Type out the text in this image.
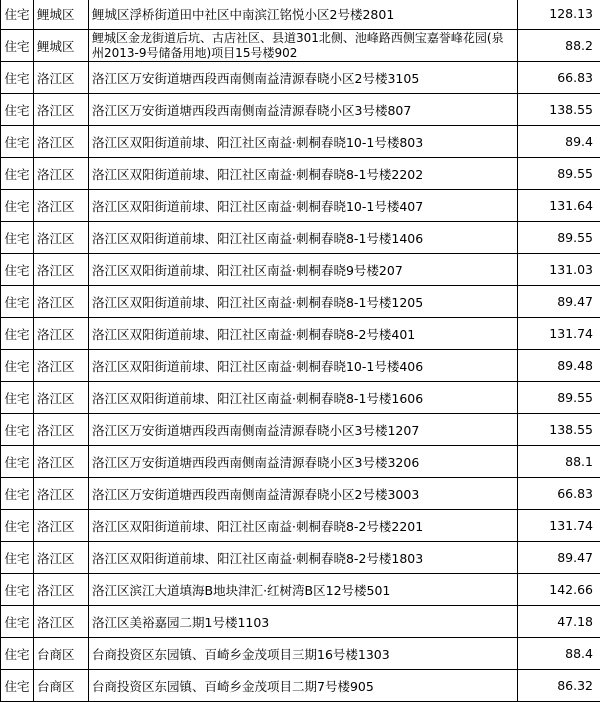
住宅	鲤城区	鲤城区浮桥街道田中社区中南滨江铭悦小区2号楼2801	128.13
住宅	鲤城区	鲤城区金龙街道后坑、古店社区、县道301北侧、池峰路西侧宝嘉誉峰花园(泉州2013-9号储备用地)项目15号楼902	88.2
住宅	洛江区	洛江区万安街道塘西段西南侧南益清源春晓小区2号楼3105	66.83
住宅	洛江区	洛江区万安街道塘西段西南侧南益清源春晓小区3号楼807	138.55
住宅	洛江区	洛江区双阳街道前埭、阳江社区南益·刺桐春晓10-1号楼803	89.4
住宅	洛江区	洛江区双阳街道前埭、阳江社区南益·刺桐春晓8-1号楼2202	89.55
住宅	洛江区	洛江区双阳街道前埭、阳江社区南益·刺桐春晓10-1号楼407	131.64
住宅	洛江区	洛江区双阳街道前埭、阳江社区南益·刺桐春晓8-1号楼1406	89.55
住宅	洛江区	洛江区双阳街道前埭、阳江社区南益·刺桐春晓9号楼207	131.03
住宅	洛江区	洛江区双阳街道前埭、阳江社区南益·刺桐春晓8-1号楼1205	89.47
住宅	洛江区	洛江区双阳街道前埭、阳江社区南益·刺桐春晓8-2号楼401	131.74
住宅	洛江区	洛江区双阳街道前埭、阳江社区南益·刺桐春晓10-1号楼406	89.48
住宅	洛江区	洛江区双阳街道前埭、阳江社区南益·刺桐春晓8-1号楼1606	89.55
住宅	洛江区	洛江区万安街道塘西段西南侧南益清源春晓小区3号楼1207	138.55
住宅	洛江区	洛江区万安街道塘西段西南侧南益清源春晓小区3号楼3206	88.1
住宅	洛江区	洛江区万安街道塘西段西南侧南益清源春晓小区2号楼3003	66.83
住宅	洛江区	洛江区双阳街道前埭、阳江社区南益·刺桐春晓8-2号楼2201	131.74
住宅	洛江区	洛江区双阳街道前埭、阳江社区南益·刺桐春晓8-2号楼1803	89.47
住宅	洛江区	洛江区滨江大道填海B地块津汇·红树湾B区12号楼501	142.66
住宅	洛江区	洛江区美裕嘉园二期1号楼1103	47.18
住宅	台商区	台商投资区东园镇、百崎乡金茂项目三期16号楼1303	88.4
住宅	台商区	台商投资区东园镇、百崎乡金茂项目二期7号楼905	86.32
